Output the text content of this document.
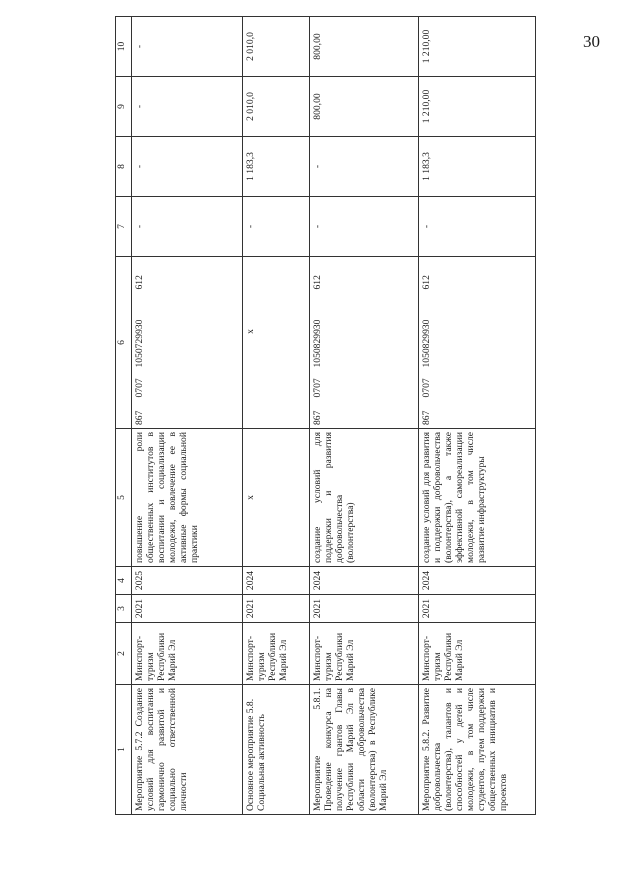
30
1	2	3	4	5	6				7	8	9	10
Мероприятие 5.7.2 Создание условий для воспитания гармонично развитой и социально ответственной личности	Минспорт-туризм Республики Марий Эл	2021	2025	повышение роли общественных институтов в воспитании и социализации молодежи, вовлечение ее в активные формы социальной практики	867	0707	1050729930	612	-	-	-	-
Основное мероприятие 5.8. Социальная активность	Минспорт-туризм Республики Марий Эл	2021	2024	х			х		-	1 183,3	2 010,0	2 010,0
Мероприятие 5.8.1. Проведение конкурса на получение грантов Главы Республики Марий Эл в области добровольчества (волонтерства) в Республике Марий Эл	Минспорт-туризм Республики Марий Эл	2021	2024	создание условий для поддержки и развития добровольчества (волонтерства)	867	0707	1050829930	612	-	-	800,00	800,00
Мероприятие 5.8.2. Развитие добровольчества (волонтерства), талантов и способностей у детей и молодежи, в том числе студентов, путем поддержки общественных инициатив и проектов	Минспорт-туризм Республики Марий Эл	2021	2024	создание условий для развития и поддержки добровольчества (волонтерства), а также эффективной самореализации молодежи, в том числе развитие инфраструктуры	867	0707	1050829930	612	-	1 183,3	1 210,00	1 210,00
